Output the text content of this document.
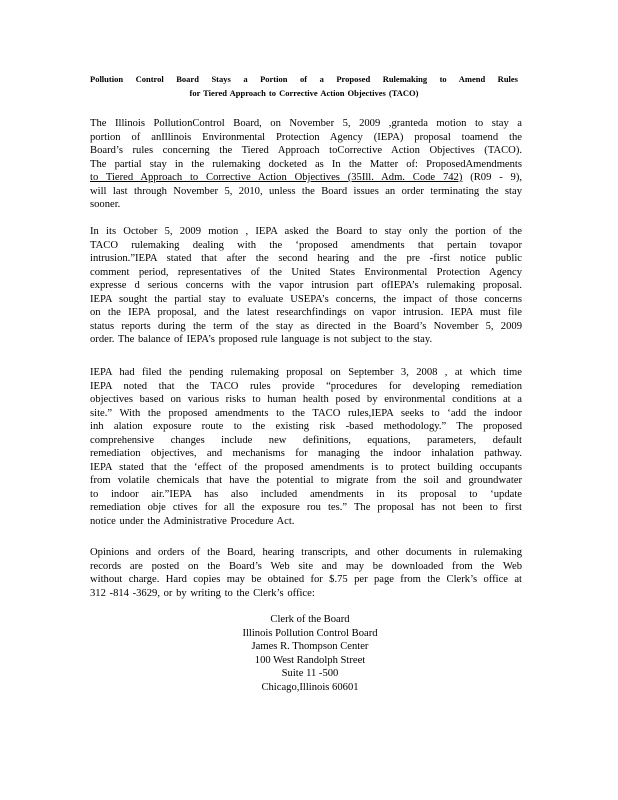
Pollution Control Board Stays a Portion of a Proposed Rulemaking to Amend Rules
for Tiered Approach to Corrective Action Objectives (TACO)
The Illinois PollutionControl Board, on November 5, 2009 ,granteda motion to stay a
portion of anIllinois Environmental Protection Agency (IEPA) proposal toamend the
Board’s rules concerning the Tiered Approach toCorrective Action Objectives (TACO).
The partial stay in the rulemaking docketed as In the Matter of: ProposedAmendments
to Tiered Approach to Corrective Action Objectives (35Ill. Adm. Code 742) (R09 - 9),
will last through November 5, 2010, unless the Board issues an order terminating the stay
sooner.
In its October 5, 2009 motion , IEPA asked the Board to stay only the portion of the
TACO rulemaking dealing with the ‘proposed amendments that pertain tovapor
intrusion.”IEPA stated that after the second hearing and the pre -first notice public
comment period, representatives of the United States Environmental Protection Agency
expresse d serious concerns with the vapor intrusion part ofIEPA’s rulemaking proposal.
IEPA sought the partial stay to evaluate USEPA’s concerns, the impact of those concerns
on the IEPA proposal, and the latest researchfindings on vapor intrusion. IEPA must file
status reports during the term of the stay as directed in the Board’s November 5, 2009
order. The balance of IEPA’s proposed rule language is not subject to the stay.
IEPA had filed the pending rulemaking proposal on September 3, 2008 , at which time
IEPA noted that the TACO rules provide “procedures for developing remediation
objectives based on various risks to human health posed by environmental conditions at a
site.” With the proposed amendments to the TACO rules,IEPA seeks to ‘add the indoor
inh alation exposure route to the existing risk -based methodology.” The proposed
comprehensive changes include new definitions, equations, parameters, default
remediation objectives, and mechanisms for managing the indoor inhalation pathway.
IEPA stated that the ‘effect of the proposed amendments is to protect building occupants
from volatile chemicals that have the potential to migrate from the soil and groundwater
to indoor air.”IEPA has also included amendments in its proposal to ‘update
remediation obje ctives for all the exposure rou tes.” The proposal has not been to first
notice under the Administrative Procedure Act.
Opinions and orders of the Board, hearing transcripts, and other documents in rulemaking
records are posted on the Board’s Web site and may be downloaded from the Web
without charge. Hard copies may be obtained for $.75 per page from the Clerk’s office at
312 -814 -3629, or by writing to the Clerk’s office:
Clerk of the Board
Illinois Pollution Control Board
James R. Thompson Center
100 West Randolph Street
Suite 11 -500
Chicago,Illinois 60601
